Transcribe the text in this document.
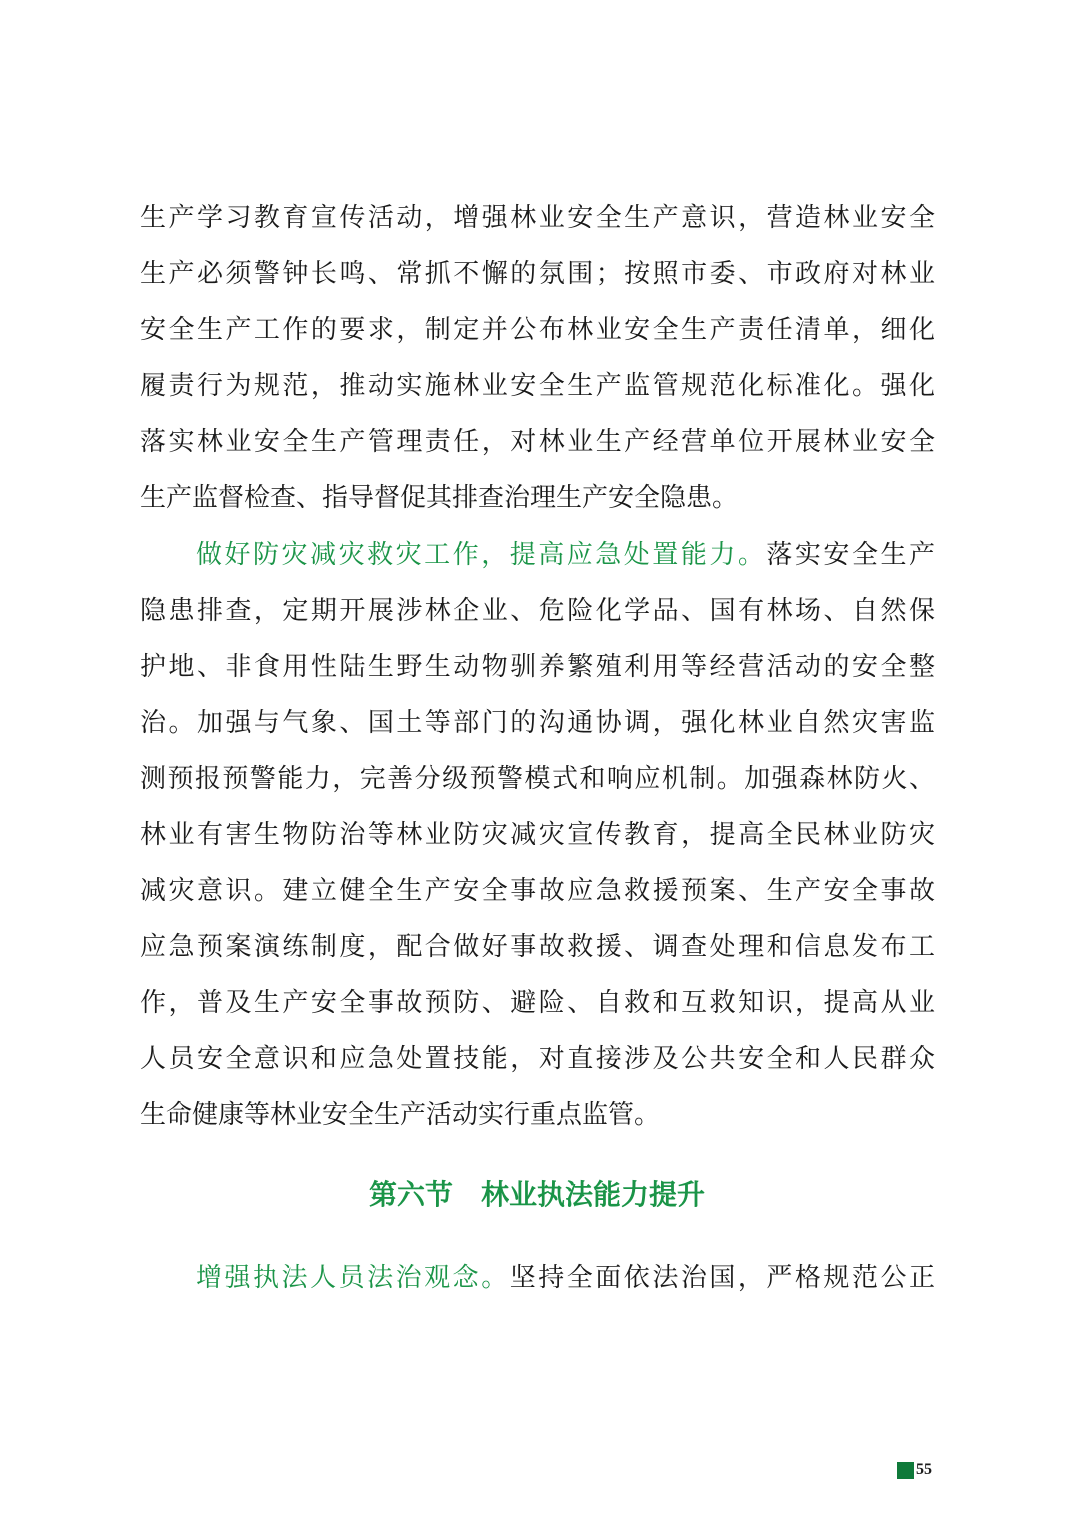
生产学习教育宣传活动，增强林业安全生产意识，营造林业安全
生产必须警钟长鸣、常抓不懈的氛围；按照市委、市政府对林业
安全生产工作的要求，制定并公布林业安全生产责任清单，细化
履责行为规范，推动实施林业安全生产监管规范化标准化。强化
落实林业安全生产管理责任，对林业生产经营单位开展林业安全
生产监督检查、指导督促其排查治理生产安全隐患。
做好防灾减灾救灾工作，提高应急处置能力。落实安全生产
隐患排查，定期开展涉林企业、危险化学品、国有林场、自然保
护地、非食用性陆生野生动物驯养繁殖利用等经营活动的安全整
治。加强与气象、国土等部门的沟通协调，强化林业自然灾害监
测预报预警能力，完善分级预警模式和响应机制。加强森林防火、
林业有害生物防治等林业防灾减灾宣传教育，提高全民林业防灾
减灾意识。建立健全生产安全事故应急救援预案、生产安全事故
应急预案演练制度，配合做好事故救援、调查处理和信息发布工
作，普及生产安全事故预防、避险、自救和互救知识，提高从业
人员安全意识和应急处置技能，对直接涉及公共安全和人民群众
生命健康等林业安全生产活动实行重点监管。
第六节　林业执法能力提升
增强执法人员法治观念。坚持全面依法治国，严格规范公正
55
